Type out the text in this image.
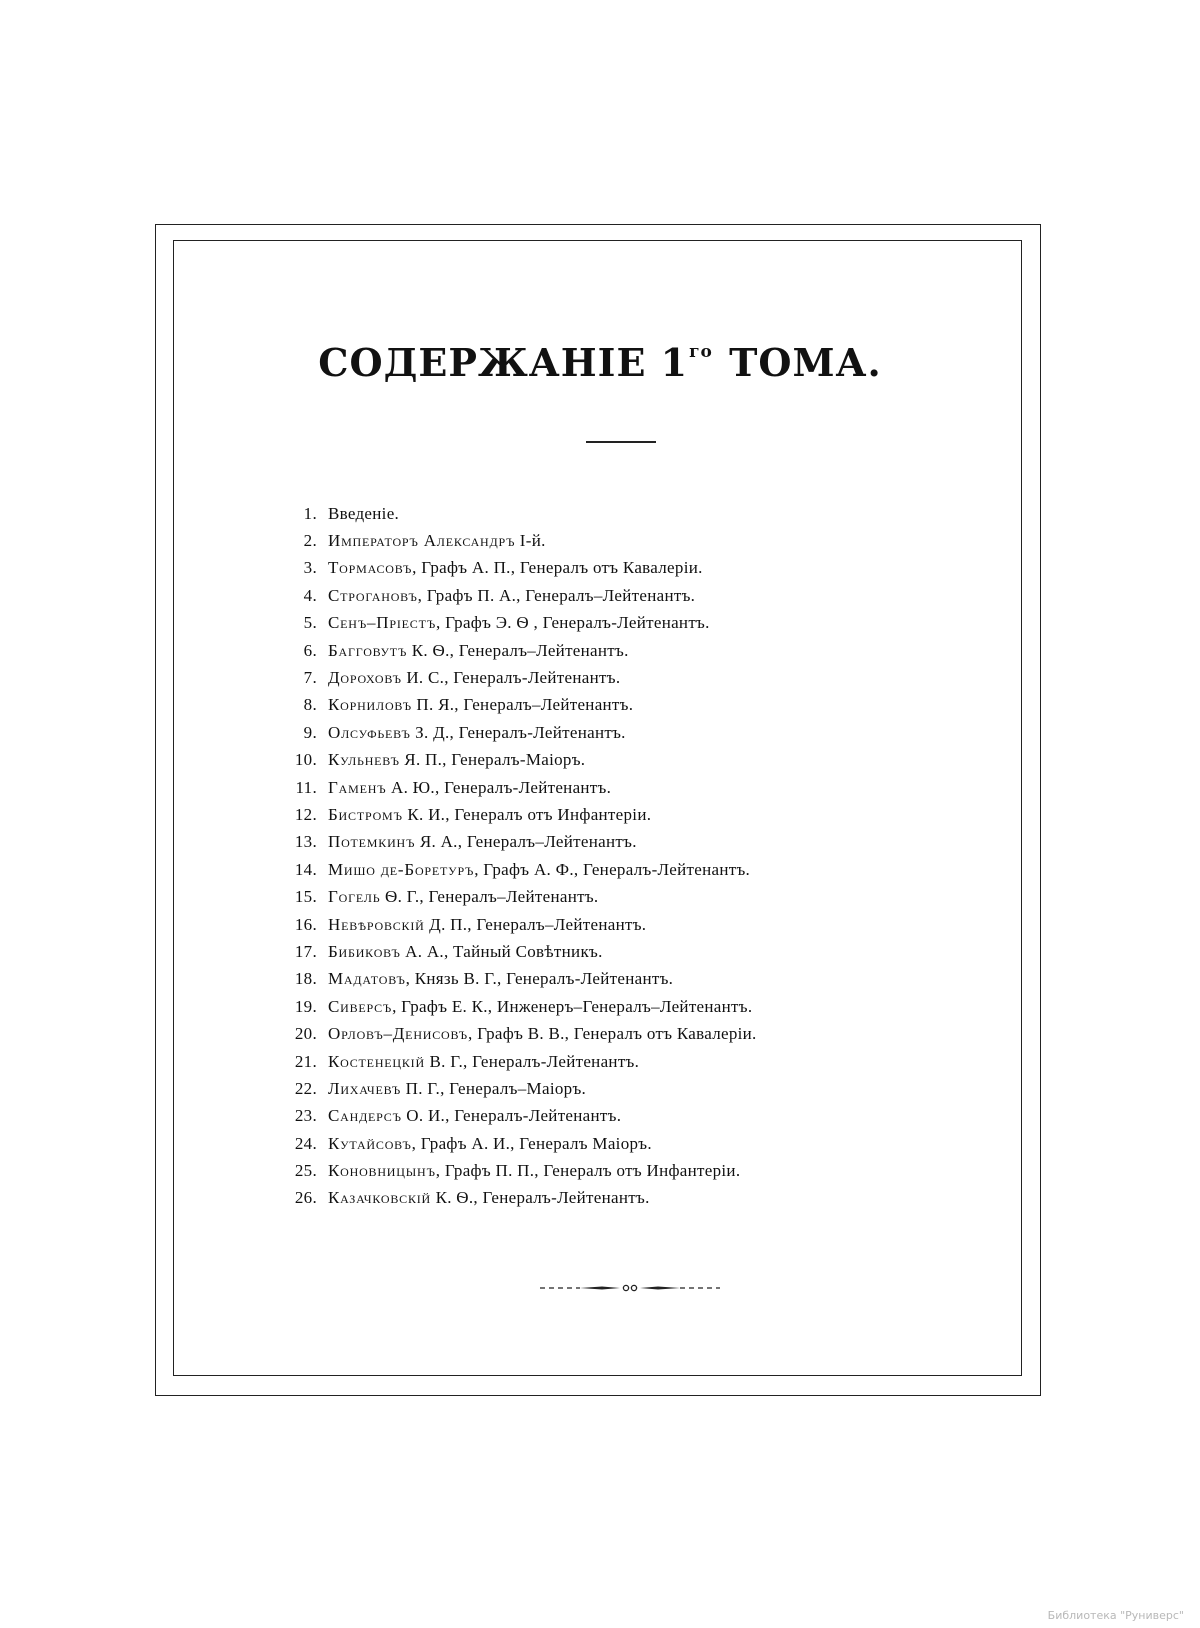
СОДЕРЖАНІЕ $1^{го}$ ТОМА.
1. Введеніе.
2. Императоръ Александръ I-й.
3. Тормасовъ, Графъ А. П., Генералъ отъ Кавалеріи.
4. Строгановъ, Графъ П. А., Генералъ–Лейтенантъ.
5. Сенъ–Пріестъ, Графъ Э. Ѳ , Генералъ-Лейтенантъ.
6. Багговутъ К. Ѳ., Генералъ–Лейтенантъ.
7. Дороховъ И. С., Генералъ-Лейтенантъ.
8. Корниловъ П. Я., Генералъ–Лейтенантъ.
9. Олсуфьевъ З. Д., Генералъ-Лейтенантъ.
10. Кульневъ Я. П., Генералъ-Маіоръ.
11. Гаменъ А. Ю., Генералъ-Лейтенантъ.
12. Бистромъ К. И., Генералъ отъ Инфантеріи.
13. Потемкинъ Я. А., Генералъ–Лейтенантъ.
14. Мишо де-Боретуръ, Графъ А. Ф., Генералъ-Лейтенантъ.
15. Гогель Ѳ. Г., Генералъ–Лейтенантъ.
16. Невѣровскій Д. П., Генералъ–Лейтенантъ.
17. Бибиковъ А. А., Тайный Совѣтникъ.
18. Мадатовъ, Князь В. Г., Генералъ-Лейтенантъ.
19. Сиверсъ, Графъ Е. К., Инженеръ–Генералъ–Лейтенантъ.
20. Орловъ–Денисовъ, Графъ В. В., Генералъ отъ Кавалеріи.
21. Костенецкій В. Г., Генералъ-Лейтенантъ.
22. Лихачевъ П. Г., Генералъ–Маіоръ.
23. Сандерсъ О. И., Генералъ-Лейтенантъ.
24. Кутайсовъ, Графъ А. И., Генералъ Маіоръ.
25. Коновницынъ, Графъ П. П., Генералъ отъ Инфантеріи.
26. Казачковскій К. Ѳ., Генералъ-Лейтенантъ.
Библиотека "Руниверс"
